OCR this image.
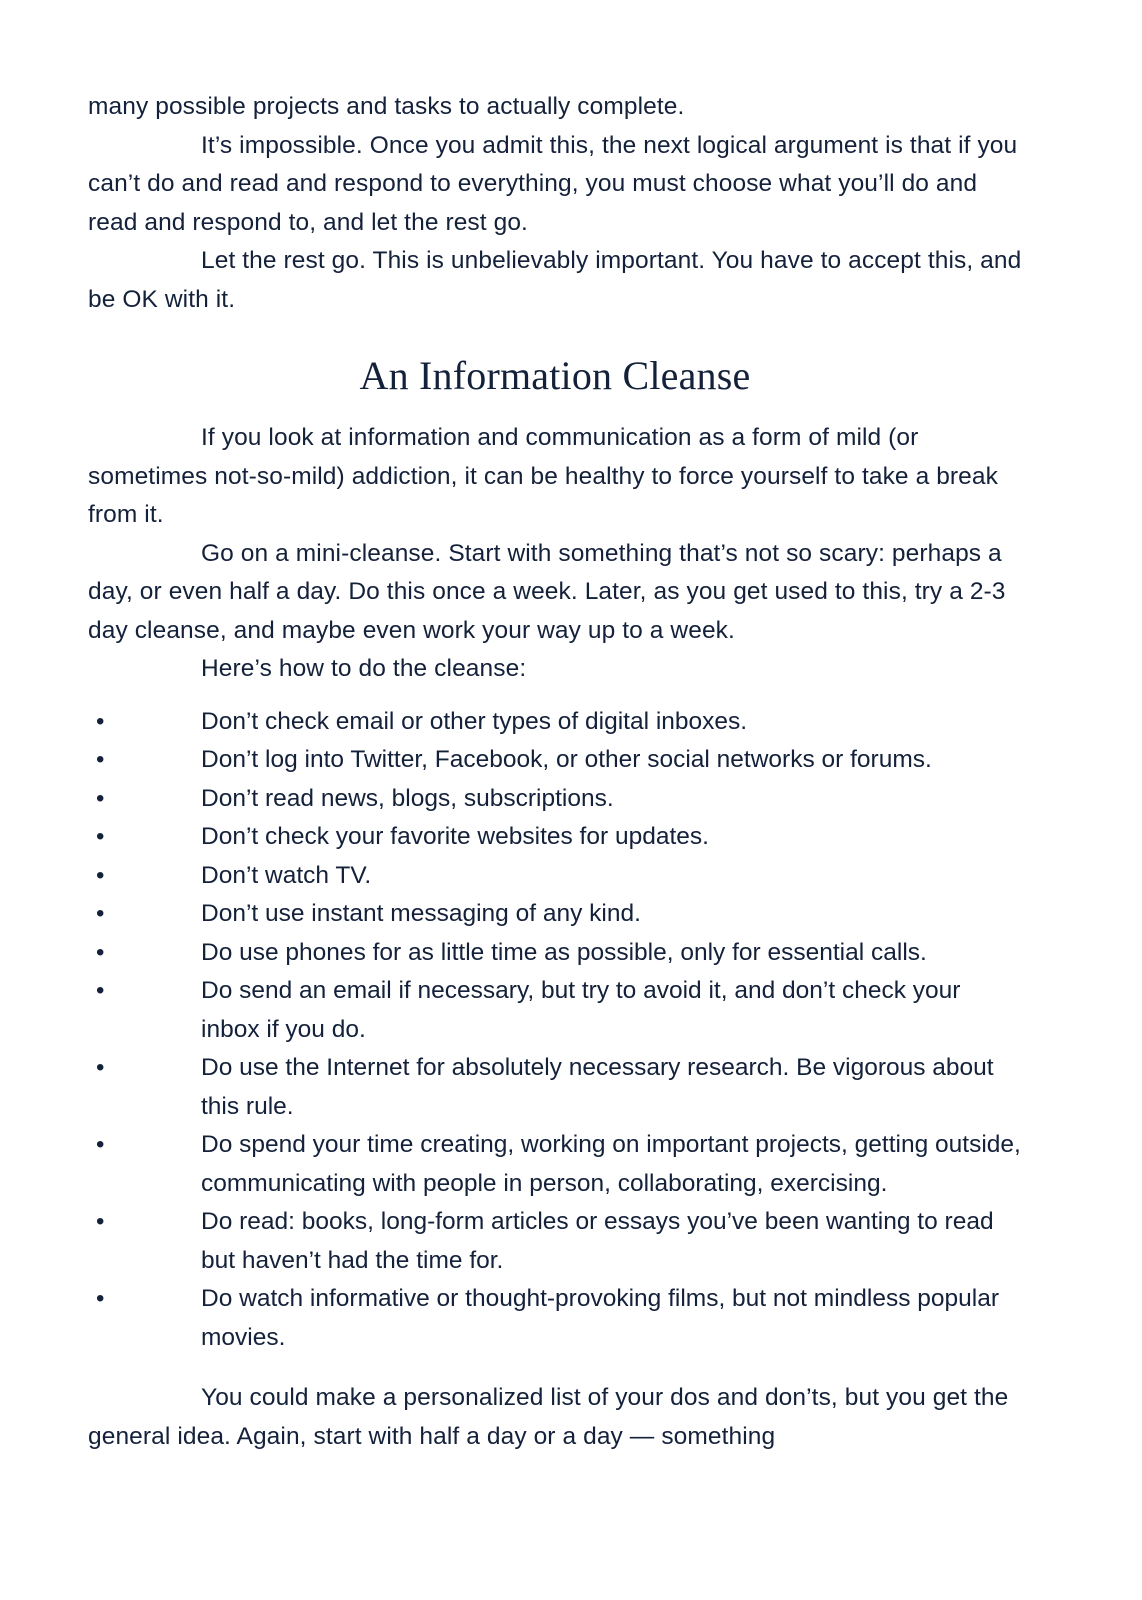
many possible projects and tasks to actually complete.

It’s impossible. Once you admit this, the next logical argument is that if you can’t do and read and respond to everything, you must choose what you’ll do and read and respond to, and let the rest go.

Let the rest go. This is unbelievably important. You have to accept this, and be OK with it.

An Information Cleanse

If you look at information and communication as a form of mild (or sometimes not-so-mild) addiction, it can be healthy to force yourself to take a break from it.

Go on a mini-cleanse. Start with something that’s not so scary: perhaps a day, or even half a day. Do this once a week. Later, as you get used to this, try a 2-3 day cleanse, and maybe even work your way up to a week.

Here’s how to do the cleanse:

•	Don’t check email or other types of digital inboxes.
•	Don’t log into Twitter, Facebook, or other social networks or forums.
•	Don’t read news, blogs, subscriptions.
•	Don’t check your favorite websites for updates.
•	Don’t watch TV.
•	Don’t use instant messaging of any kind.
•	Do use phones for as little time as possible, only for essential calls.
•	Do send an email if necessary, but try to avoid it, and don’t check your inbox if you do.
•	Do use the Internet for absolutely necessary research. Be vigorous about this rule.
•	Do spend your time creating, working on important projects, getting outside, communicating with people in person, collaborating, exercising.
•	Do read: books, long-form articles or essays you’ve been wanting to read but haven’t had the time for.
•	Do watch informative or thought-provoking films, but not mindless popular movies.

You could make a personalized list of your dos and don’ts, but you get the general idea. Again, start with half a day or a day — something
